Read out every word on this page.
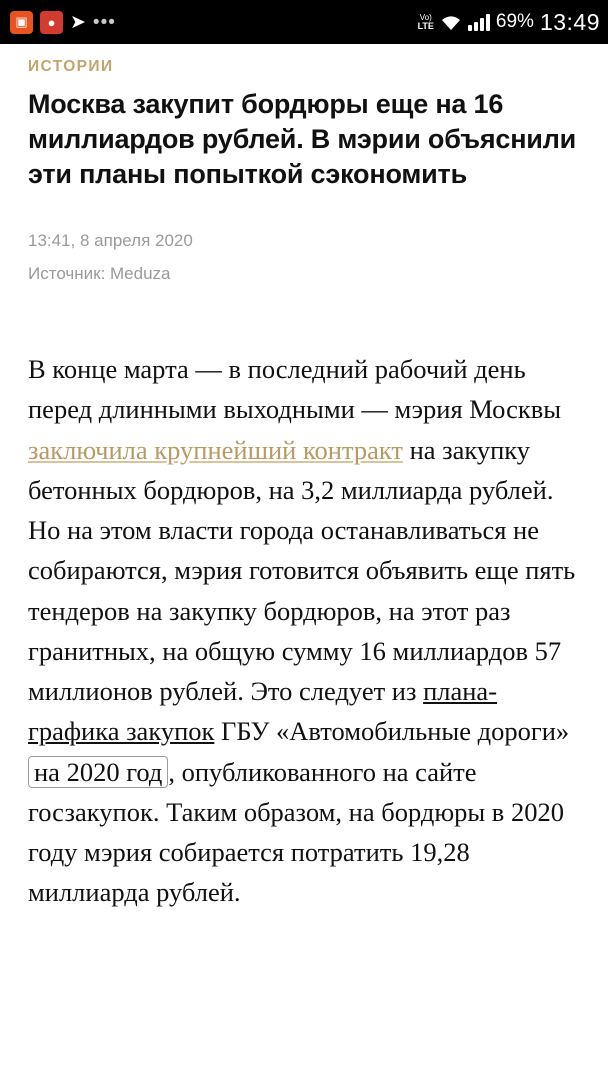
▣	● ➤ •••	Vo)
LTE	69% 13:49
ИСТОРИИ
Москва закупит бордюры еще на 16 миллиардов рублей. В мэрии объяснили эти планы попыткой сэкономить
13:41, 8 апреля 2020
Источник: Meduza

В конце марта — в последний рабочий день перед длинными выходными — мэрия Москвы заключила крупнейший контракт на закупку бетонных бордюров, на 3,2 миллиарда рублей. Но на этом власти города останавливаться не собираются, мэрия готовится объявить еще пять тендеров на закупку бордюров, на этот раз гранитных, на общую сумму 16 миллиардов 57 миллионов рублей. Это следует из плана-графика закупок ГБУ «Автомобильные дороги» на 2020 год , опубликованного на сайте госзакупок. Таким образом, на бордюры в 2020 году мэрия собирается потратить 19,28 миллиарда рублей.
